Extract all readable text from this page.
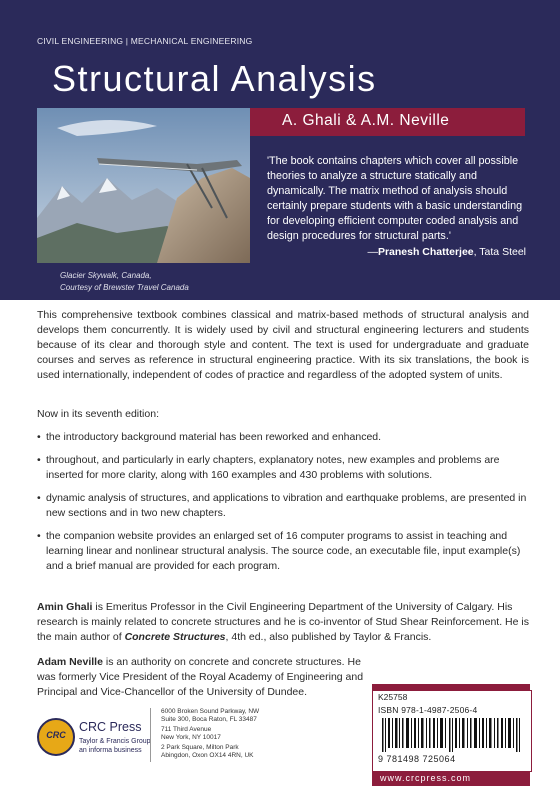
CIVIL ENGINEERING | MECHANICAL ENGINEERING
Structural Analysis
A. Ghali & A.M. Neville
Glacier Skywalk, Canada,
Courtesy of Brewster Travel Canada
'The book contains chapters which cover all possible theories to analyze a structure statically and dynamically. The matrix method of analysis should certainly prepare students with a basic understanding for developing efficient computer coded analysis and design procedures for structural parts.'
—Pranesh Chatterjee, Tata Steel

This comprehensive textbook combines classical and matrix-based methods of structural analysis and develops them concurrently. It is widely used by civil and structural engineering lecturers and students because of its clear and thorough style and content. The text is used for undergraduate and graduate courses and serves as reference in structural engineering practice. With its six translations, the book is used internationally, independent of codes of practice and regardless of the adopted system of units.

Now in its seventh edition:
• the introductory background material has been reworked and enhanced.
• throughout, and particularly in early chapters, explanatory notes, new examples and problems are inserted for more clarity, along with 160 examples and 430 problems with solutions.
• dynamic analysis of structures, and applications to vibration and earthquake problems, are presented in new sections and in two new chapters.
• the companion website provides an enlarged set of 16 computer programs to assist in teaching and learning linear and nonlinear structural analysis. The source code, an executable file, input example(s) and a brief manual are provided for each program.
Amin Ghali is Emeritus Professor in the Civil Engineering Department of the University of Calgary. His research is mainly related to concrete structures and he is co-inventor of Stud Shear Reinforcement. He is the main author of Concrete Structures, 4th ed., also published by Taylor & Francis.
Adam Neville is an authority on concrete and concrete structures. He was formerly Vice President of the Royal Academy of Engineering and Principal and Vice-Chancellor of the University of Dundee.
CRC
CRC Press
Taylor & Francis Group
an informa business

6000 Broken Sound Parkway, NW
Suite 300, Boca Raton, FL 33487

711 Third Avenue
New York, NY 10017

2 Park Square, Milton Park
Abingdon, Oxon OX14 4RN, UK

K25758
ISBN 978-1-4987-2506-4
9 781498 725064
www.crcpress.com
